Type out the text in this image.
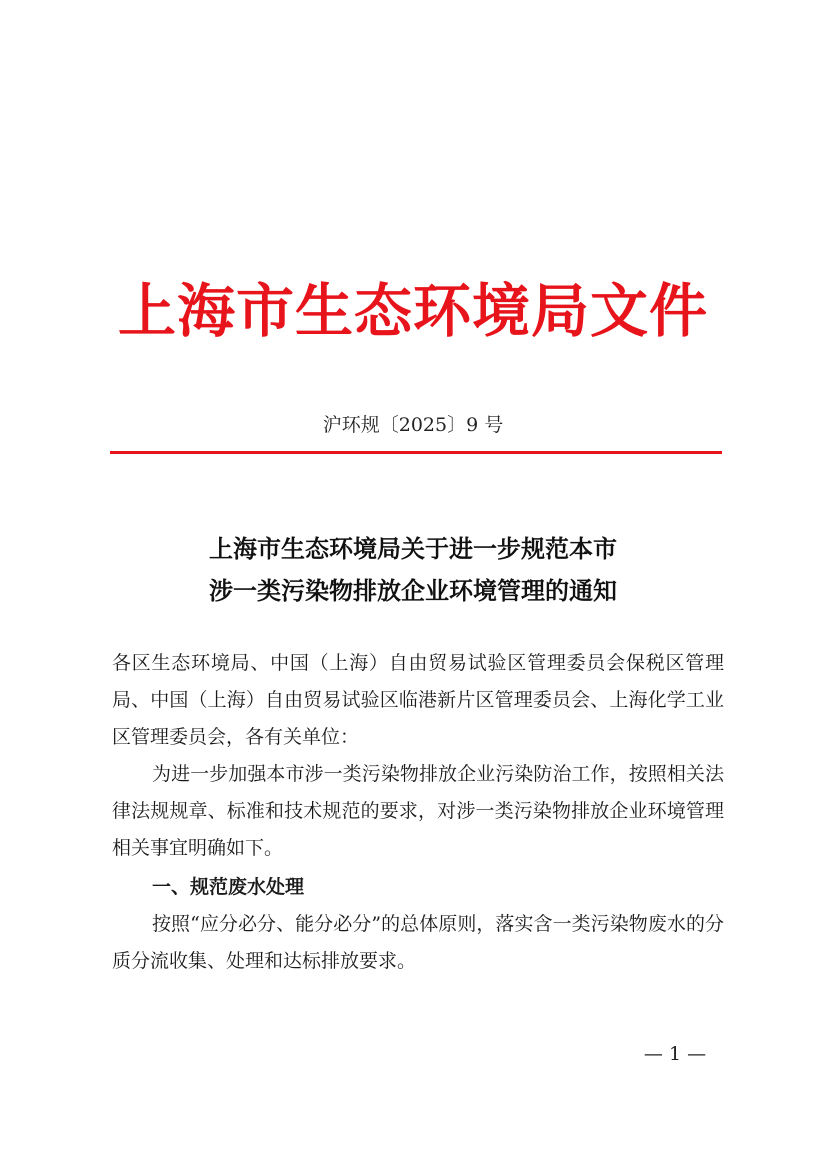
上海市生态环境局文件
沪环规〔2025〕9 号
上海市生态环境局关于进一步规范本市
涉一类污染物排放企业环境管理的通知

各区生态环境局、中国（上海）自由贸易试验区管理委员会保税区管理局、中国（上海）自由贸易试验区临港新片区管理委员会、上海化学工业区管理委员会，各有关单位：

为进一步加强本市涉一类污染物排放企业污染防治工作，按照相关法律法规规章、标准和技术规范的要求，对涉一类污染物排放企业环境管理相关事宜明确如下。

一、规范废水处理

按照“应分必分、能分必分”的总体原则，落实含一类污染物废水的分质分流收集、处理和达标排放要求。

— 1 —
